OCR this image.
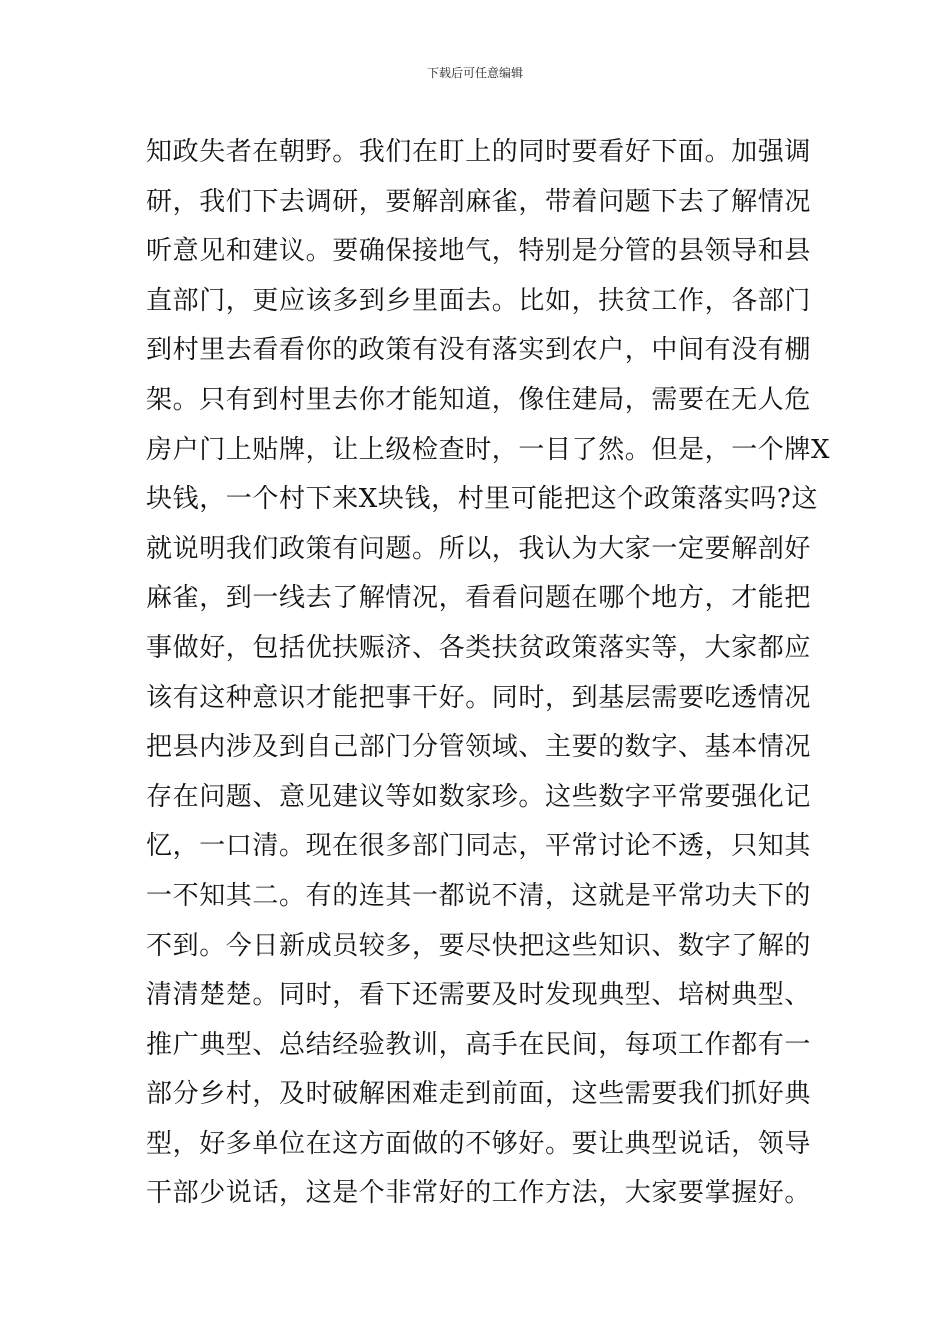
下载后可任意编辑
知政失者在朝野。我们在盯上的同时要看好下面。加强调
研，我们下去调研，要解剖麻雀，带着问题下去了解情况
听意见和建议。要确保接地气，特别是分管的县领导和县
直部门，更应该多到乡里面去。比如，扶贫工作，各部门
到村里去看看你的政策有没有落实到农户，中间有没有棚
架。只有到村里去你才能知道，像住建局，需要在无人危
房户门上贴牌，让上级检查时，一目了然。但是，一个牌X
块钱，一个村下来X块钱，村里可能把这个政策落实吗?这
就说明我们政策有问题。所以，我认为大家一定要解剖好
麻雀，到一线去了解情况，看看问题在哪个地方，才能把
事做好，包括优扶赈济、各类扶贫政策落实等，大家都应
该有这种意识才能把事干好。同时，到基层需要吃透情况
把县内涉及到自己部门分管领域、主要的数字、基本情况
存在问题、意见建议等如数家珍。这些数字平常要强化记
忆，一口清。现在很多部门同志，平常讨论不透，只知其
一不知其二。有的连其一都说不清，这就是平常功夫下的
不到。今日新成员较多，要尽快把这些知识、数字了解的
清清楚楚。同时，看下还需要及时发现典型、培树典型、
推广典型、总结经验教训，高手在民间，每项工作都有一
部分乡村，及时破解困难走到前面，这些需要我们抓好典
型，好多单位在这方面做的不够好。要让典型说话，领导
干部少说话，这是个非常好的工作方法，大家要掌握好。
